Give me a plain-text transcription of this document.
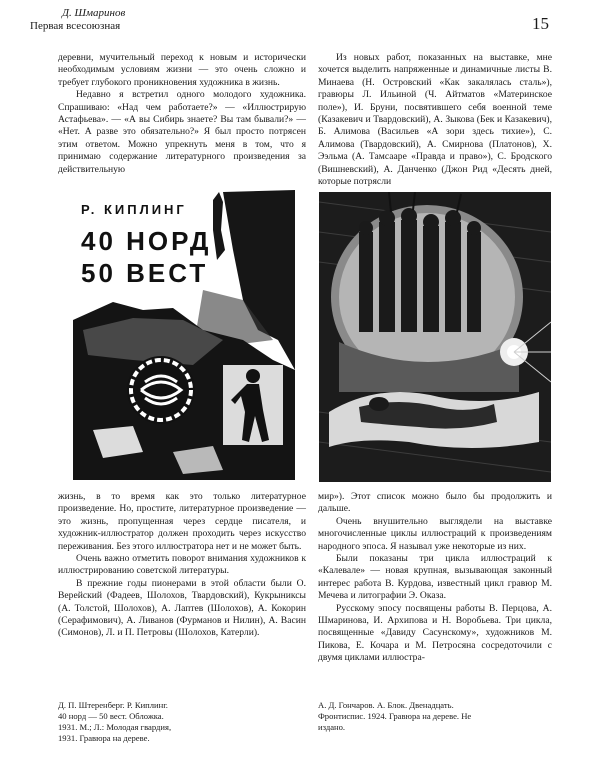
Д. Шмаринов
Первая всесоюзная	15

деревни, мучительный переход к новым и исторически необходимым условиям жизни — это очень сложно и требует глубокого проникновения художника в жизнь.

Недавно я встретил одного молодого художника. Спрашиваю: «Над чем работаете?» — «Иллюстрирую Астафьева». — «А вы Сибирь знаете? Вы там бывали?» — «Нет. А разве это обязательно?» Я был просто потрясен этим ответом. Можно упрекнуть меня в том, что я принимаю содержание литературного произведения за действительную

Из новых работ, показанных на выставке, мне хочется выделить напряженные и динамичные листы В. Минаева (Н. Островский «Как закалялась сталь»), гравюры Л. Ильиной (Ч. Айтматов «Материнское поле»), И. Бруни, посвятившего себя военной теме (Казакевич и Твардовский), А. Зыкова (Бек и Казакевич), Б. Алимова (Васильев «А зори здесь тихие»), С. Алимова (Твардовский), А. Смирнова (Платонов), Х. Ээльма (А. Тамсааре «Правда и право»), С. Бродского (Вишневский), А. Данченко (Джон Рид «Десять дней, которые потрясли

Р. КИПЛИНГ
40 НОРД
50 ВЕСТ

жизнь, в то время как это только литературное произведение. Но, простите, литературное произведение — это жизнь, пропущенная через сердце писателя, и художник-иллюстратор должен проходить через искусство переживания. Без этого иллюстратора нет и не может быть.

Очень важно отметить поворот внимания художников к иллюстрированию советской литературы.

В прежние годы пионерами в этой области были О. Верейский (Фадеев, Шолохов, Твардовский), Кукрыниксы (А. Толстой, Шолохов), А. Лаптев (Шолохов), А. Кокорин (Серафимович), А. Ливанов (Фурманов и Нилин), А. Васин (Симонов), Л. и П. Петровы (Шолохов, Катерли).

мир»). Этот список можно было бы продолжить и дальше.

Очень внушительно выглядели на выставке многочисленные циклы иллюстраций к произведениям народного эпоса. Я называл уже некоторые из них.

Были показаны три цикла иллюстраций к «Калевале» — новая крупная, вызывающая законный интерес работа В. Курдова, известный цикл гравюр М. Мечева и литографии Э. Оказа.

Русскому эпосу посвящены работы В. Перцова, А. Шмаринова, И. Архипова и Н. Воробьева. Три цикла, посвященные «Давиду Сасунскому», художников М. Пикова, Е. Кочара и М. Петросяна сосредоточили с двумя циклами иллюстра-

Д. П. Штеренберг. Р. Киплинг.
40 норд — 50 вест. Обложка.
1931. М.; Л.: Молодая гвардия,
1931. Гравюра на дереве.
А. Д. Гончаров. А. Блок. Двенадцать. Фронтиспис. 1924. Гравюра на дереве. Не издано.
